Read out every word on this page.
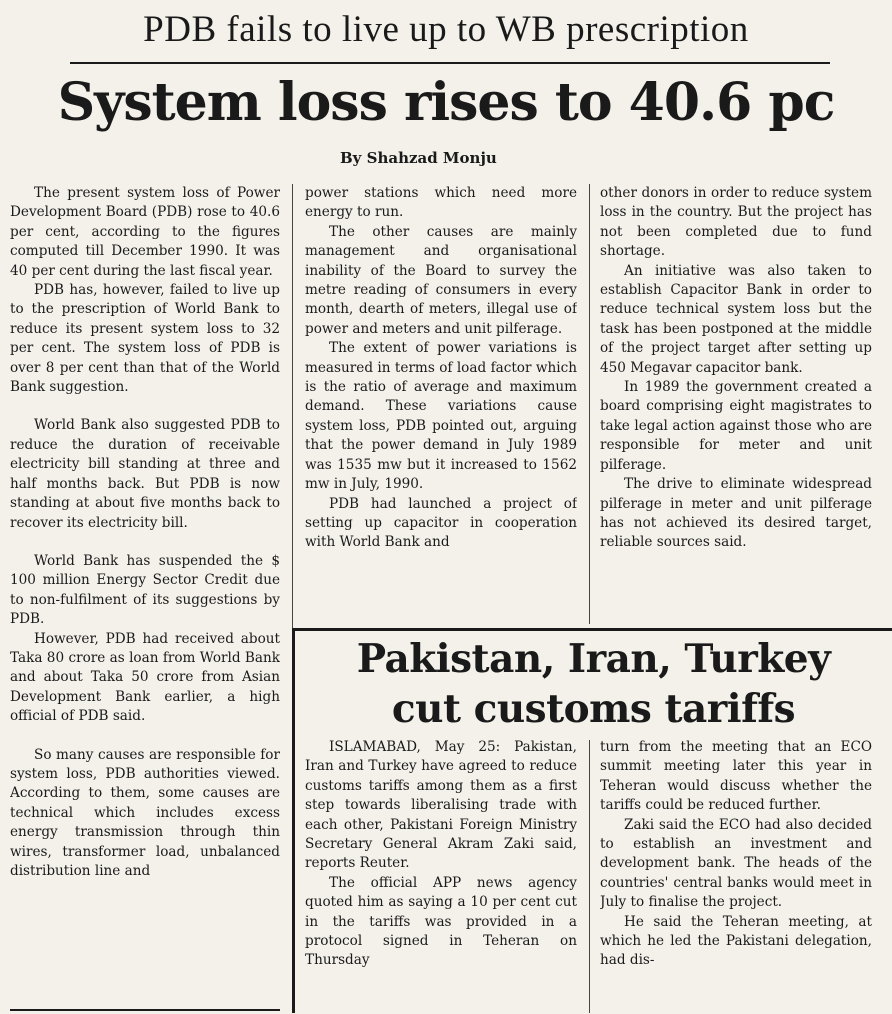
PDB fails to live up to WB prescription
System loss rises to 40.6 pc
By Shahzad Monju

The present system loss of Power Development Board (PDB) rose to 40.6 per cent, according to the figures computed till December 1990. It was 40 per cent during the last fiscal year.

PDB has, however, failed to live up to the prescription of World Bank to reduce its present system loss to 32 per cent. The system loss of PDB is over 8 per cent than that of the World Bank suggestion.

World Bank also suggested PDB to reduce the duration of receivable electricity bill standing at three and half months back. But PDB is now standing at about five months back to recover its electricity bill.

World Bank has suspended the $ 100 million Energy Sector Credit due to non-fulfilment of its suggestions by PDB.

However, PDB had received about Taka 80 crore as loan from World Bank and about Taka 50 crore from Asian Development Bank earlier, a high official of PDB said.

So many causes are responsible for system loss, PDB authorities viewed. According to them, some causes are technical which includes excess energy transmission through thin wires, transformer load, unbalanced distribution line and

power stations which need more energy to run.

The other causes are mainly management and organisational inability of the Board to survey the metre reading of consumers in every month, dearth of meters, illegal use of power and meters and unit pilferage.

The extent of power variations is measured in terms of load factor which is the ratio of average and maximum demand. These variations cause system loss, PDB pointed out, arguing that the power demand in July 1989 was 1535 mw but it increased to 1562 mw in July, 1990.

PDB had launched a project of setting up capacitor in cooperation with World Bank and

other donors in order to reduce system loss in the country. But the project has not been completed due to fund shortage.

An initiative was also taken to establish Capacitor Bank in order to reduce technical system loss but the task has been postponed at the middle of the project target after setting up 450 Megavar capacitor bank.

In 1989 the government created a board comprising eight magistrates to take legal action against those who are responsible for meter and unit pilferage.

The drive to eliminate widespread pilferage in meter and unit pilferage has not achieved its desired target, reliable sources said.

Pakistan, Iran, Turkey
cut customs tariffs

ISLAMABAD, May 25: Pakistan, Iran and Turkey have agreed to reduce customs tariffs among them as a first step towards liberalising trade with each other, Pakistani Foreign Ministry Secretary General Akram Zaki said, reports Reuter.

The official APP news agency quoted him as saying a 10 per cent cut in the tariffs was provided in a protocol signed in Teheran on Thursday

turn from the meeting that an ECO summit meeting later this year in Teheran would discuss whether the tariffs could be reduced further.

Zaki said the ECO had also decided to establish an investment and development bank. The heads of the countries' central banks would meet in July to finalise the project.

He said the Teheran meeting, at which he led the Pakistani delegation, had dis-
